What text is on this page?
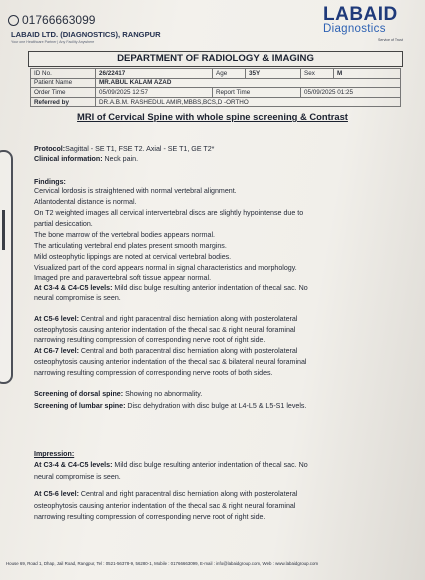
01766663099
LABAID LTD. (DIAGNOSTICS), RANGPUR
Your one Healthcare Partner | Any Facility Anywhere
LABAID
Diagnostics
Service of Trust
DEPARTMENT OF RADIOLOGY & IMAGING
ID No.	26/22417	Age	35Y	Sex	M
Patient Name	MR.ABUL KALAM AZAD				
Order Time	05/09/2025 12:57	Report Time		05/09/2025 01:25	
Referred by	DR.A.B.M. RASHEDUL AMIR,MBBS,BCS,D -ORTHO				
MRI of Cervical Spine with whole spine screening & Contrast
Protocol:Sagittal - SE T1, FSE T2. Axial - SE T1, GE T2*
Clinical information: Neck pain.
Findings:
Cervical lordosis is straightened with normal vertebral alignment.
Atlantodental distance is normal.
On T2 weighted images all cervical intervertebral discs are slightly hypointense due to
partial desiccation.
The bone marrow of the vertebral bodies appears normal.
The articulating vertebral end plates present smooth margins.
Mild osteophytic lippings are noted at cervical vertebral bodies.
Visualized part of the cord appears normal in signal characteristics and morphology.
Imaged pre and paravertebral soft tissue appear normal.
At C3-4 & C4-C5 levels: Mild disc bulge resulting anterior indentation of thecal sac. No
neural compromise is seen.
At C5-6 level: Central and right paracentral disc herniation along with posterolateral
osteophytosis causing anterior indentation of the thecal sac & right neural foraminal
narrowing resulting compression of corresponding nerve root of right side.
At C6-7 level: Central and both paracentral disc herniation along with posterolateral
osteophytosis causing anterior indentation of the thecal sac & bilateral neural foraminal
narrowing resulting compression of corresponding nerve roots of both sides.
Screening of dorsal spine: Showing no abnormality.
Screening of lumbar spine: Disc dehydration with disc bulge at L4-L5 & L5-S1 levels.
Impression:
At C3-4 & C4-C5 levels: Mild disc bulge resulting anterior indentation of thecal sac. No
neural compromise is seen.
At C5-6 level: Central and right paracentral disc herniation along with posterolateral
osteophytosis causing anterior indentation of the thecal sac & right neural foraminal
narrowing resulting compression of corresponding nerve root of right side.
House 69, Road 1, Dhap, Jail Road, Rangpur, Tel : 0521-56378-9, 56280-1, Mobile : 01766663099, E-mail : info@labaidgroup.com, Web : www.labaidgroup.com
